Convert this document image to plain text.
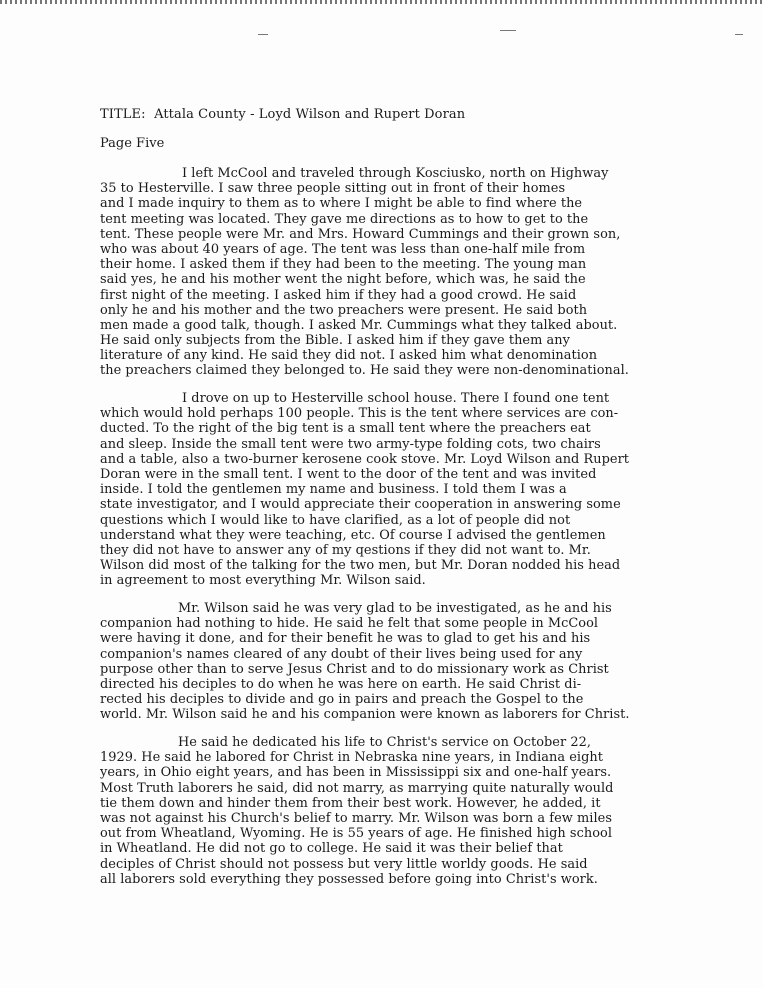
TITLE: Attala County - Loyd Wilson and Rupert Doran
Page Five
I left McCool and traveled through Kosciusko, north on Highway
35 to Hesterville. I saw three people sitting out in front of their homes
and I made inquiry to them as to where I might be able to find where the
tent meeting was located. They gave me directions as to how to get to the
tent. These people were Mr. and Mrs. Howard Cummings and their grown son,
who was about 40 years of age. The tent was less than one-half mile from
their home. I asked them if they had been to the meeting. The young man
said yes, he and his mother went the night before, which was, he said the
first night of the meeting. I asked him if they had a good crowd. He said
only he and his mother and the two preachers were present. He said both
men made a good talk, though. I asked Mr. Cummings what they talked about.
He said only subjects from the Bible. I asked him if they gave them any
literature of any kind. He said they did not. I asked him what denomination
the preachers claimed they belonged to. He said they were non-denominational.
I drove on up to Hesterville school house. There I found one tent
which would hold perhaps 100 people. This is the tent where services are con-
ducted. To the right of the big tent is a small tent where the preachers eat
and sleep. Inside the small tent were two army-type folding cots, two chairs
and a table, also a two-burner kerosene cook stove. Mr. Loyd Wilson and Rupert
Doran were in the small tent. I went to the door of the tent and was invited
inside. I told the gentlemen my name and business. I told them I was a
state investigator, and I would appreciate their cooperation in answering some
questions which I would like to have clarified, as a lot of people did not
understand what they were teaching, etc. Of course I advised the gentlemen
they did not have to answer any of my qestions if they did not want to. Mr.
Wilson did most of the talking for the two men, but Mr. Doran nodded his head
in agreement to most everything Mr. Wilson said.
Mr. Wilson said he was very glad to be investigated, as he and his
companion had nothing to hide. He said he felt that some people in McCool
were having it done, and for their benefit he was to glad to get his and his
companion's names cleared of any doubt of their lives being used for any
purpose other than to serve Jesus Christ and to do missionary work as Christ
directed his deciples to do when he was here on earth. He said Christ di-
rected his deciples to divide and go in pairs and preach the Gospel to the
world. Mr. Wilson said he and his companion were known as laborers for Christ.
He said he dedicated his life to Christ's service on October 22,
1929. He said he labored for Christ in Nebraska nine years, in Indiana eight
years, in Ohio eight years, and has been in Mississippi six and one-half years.
Most Truth laborers he said, did not marry, as marrying quite naturally would
tie them down and hinder them from their best work. However, he added, it
was not against his Church's belief to marry. Mr. Wilson was born a few miles
out from Wheatland, Wyoming. He is 55 years of age. He finished high school
in Wheatland. He did not go to college. He said it was their belief that
deciples of Christ should not possess but very little worldy goods. He said
all laborers sold everything they possessed before going into Christ's work.
